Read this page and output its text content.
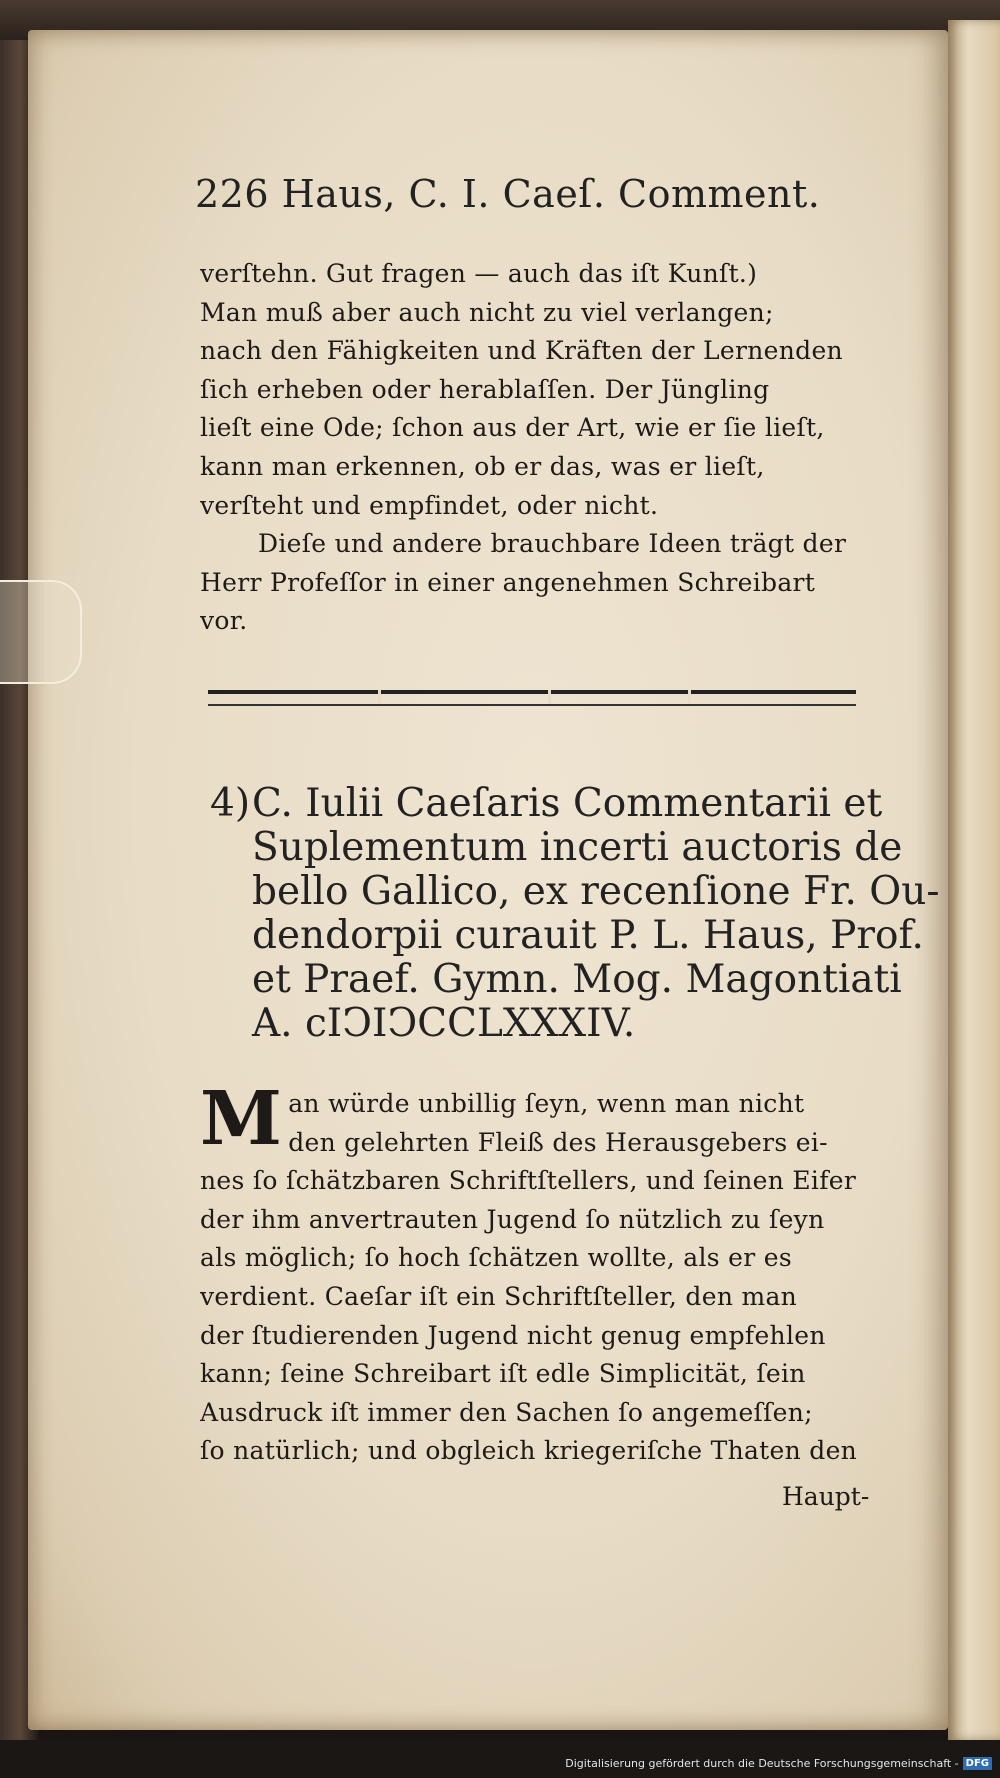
226 Haus, C. I. Caeſ. Comment.
verſtehn. Gut fragen — auch das iſt Kunſt.)
Man muß aber auch nicht zu viel verlangen;
nach den Fähigkeiten und Kräften der Lernenden
ſich erheben oder herablaſſen. Der Jüngling
lieſt eine Ode; ſchon aus der Art, wie er ſie lieſt,
kann man erkennen, ob er das, was er lieſt,
verſteht und empfindet, oder nicht.
Dieſe und andere brauchbare Ideen trägt der
Herr Profeſſor in einer angenehmen Schreibart
vor.
4)C. Iulii Caeſaris Commentarii et
Suplementum incerti auctoris de
bello Gallico, ex recenſione Fr. Ou-
dendorpii curauit P. L. Haus, Prof.
et Praef. Gymn. Mog. Magontiati
A. cIↃIↃCCLXXXIV.
M an würde unbillig ſeyn, wenn man nicht
den gelehrten Fleiß des Herausgebers ei-
nes ſo ſchätzbaren Schriftſtellers, und ſeinen Eifer
der ihm anvertrauten Jugend ſo nützlich zu ſeyn
als möglich; ſo hoch ſchätzen wollte, als er es
verdient. Caeſar iſt ein Schriftſteller, den man
der ſtudierenden Jugend nicht genug empfehlen
kann; ſeine Schreibart iſt edle Simplicität, ſein
Ausdruck iſt immer den Sachen ſo angemeſſen;
ſo natürlich; und obgleich kriegeriſche Thaten den
Haupt-
Digitalisierung gefördert durch die Deutsche Forschungsgemeinschaft - DFG
